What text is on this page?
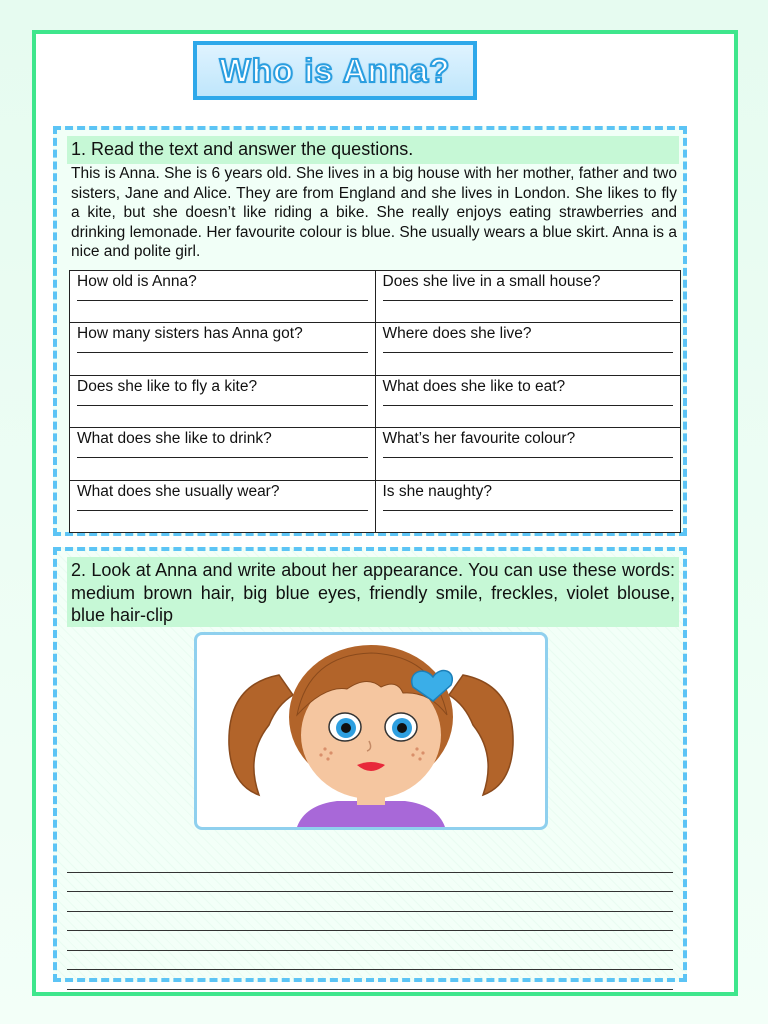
Who is Anna?
1. Read the text and answer the questions.

This is Anna. She is 6 years old. She lives in a big house with her mother, father and two sisters, Jane and Alice. They are from England and she lives in London. She likes to fly a kite, but she doesn’t like riding a bike. She really enjoys eating strawberries and drinking lemonade. Her favourite colour is blue. She usually wears a blue skirt. Anna is a nice and polite girl.

How old is Anna?	Does she live in a small house?

How many sisters has Anna got?	Where does she live?

Does she like to fly a kite?	What does she like to eat?

What does she like to drink?	What’s her favourite colour?

What does she usually wear?	Is she naughty?
2. Look at Anna and write about her appearance. You can use these words: medium brown hair, big blue eyes, friendly smile, freckles, violet blouse, blue hair-clip
